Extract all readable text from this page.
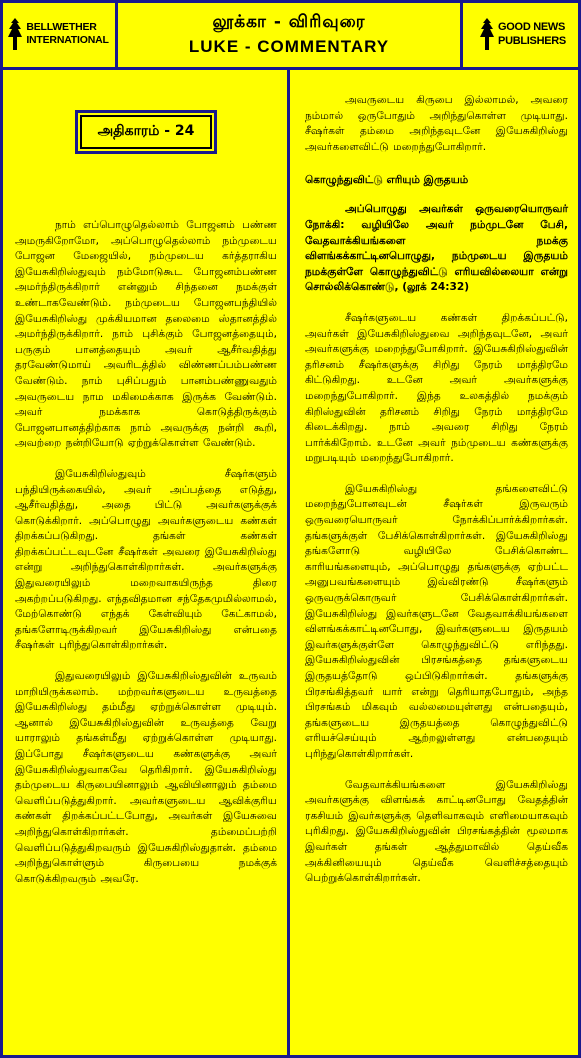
BELLWETHER
INTERNATIONAL
லூக்கா - விரிவுரை
LUKE - COMMENTARY
GOOD NEWS
PUBLISHERS
அதிகாரம் - 24

நாம் எப்பொழுதெல்லாம் போஜனம் பண்ண அமருகிறோமோ, அப்பொழுதெல்லாம் நம்முடைய போஜன மேஜையில், நம்முடைய கர்த்தராகிய இயேசுகிறிஸ்துவும் நம்மோடுகூட போஜனம்பண்ண அமர்ந்திருக்கிறார் என்னும் சிந்தனை நமக்குள் உண்டாகவேண்டும். நம்முடைய போஜனபந்தியில் இயேசுகிறிஸ்து முக்கியமான தலைமை ஸ்தானத்தில் அமர்ந்திருக்கிறார். நாம் புசிக்கும் போஜனத்தையும், பருகும் பானத்தையும் அவர் ஆசீர்வதித்து தரவேண்டுமாய் அவரிடத்தில் விண்ணப்பம்பண்ண வேண்டும். நாம் புசிப்பதும் பானம்பண்ணுவதும் அவருடைய நாம மகிமைக்காக இருக்க வேண்டும். அவர் நமக்காக கொடுத்திருக்கும் போஜனபானத்திற்காக நாம் அவருக்கு நன்றி கூறி, அவற்றை நன்றியோடு ஏற்றுக்கொள்ள வேண்டும்.

இயேசுகிறிஸ்துவும் சீஷர்களும் பந்தியிருக்கையில், அவர் அப்பத்தை எடுத்து, ஆசீர்வதித்து, அதை பிட்டு அவர்களுக்குக் கொடுக்கிறார். அப்பொழுது அவர்களுடைய கண்கள் திறக்கப்படுகிறது. தங்கள் கண்கள் திறக்கப்பட்டவுடனே சீஷர்கள் அவரை இயேசுகிறிஸ்து என்று அறிந்துகொள்கிறார்கள். அவர்களுக்கு இதுவரையிலும் மறைவாகயிருந்த திரை அகற்றப்படுகிறது. எந்தவிதமான சந்தேகமுமில்லாமல், மேற்கொண்டு எந்தக் கேள்வியும் கேட்காமல், தங்களோடிருக்கிறவர் இயேசுகிறிஸ்து என்பதை சீஷர்கள் புரிந்துகொள்கிறார்கள்.

இதுவரையிலும் இயேசுகிறிஸ்துவின் உருவம் மாறியிருக்கலாம். மற்றவர்களுடைய உருவத்தை இயேசுகிறிஸ்து தம்மீது ஏற்றுக்கொள்ள முடியும். ஆனால் இயேசுகிறிஸ்துவின் உருவத்தை வேறு யாராலும் தங்கள்மீது ஏற்றுக்கொள்ள முடியாது. இப்போது சீஷர்களுடைய கண்களுக்கு அவர் இயேசுகிறிஸ்துவாகவே தெரிகிறார். இயேசுகிறிஸ்து தம்முடைய கிருபையினாலும் ஆவியினாலும் தம்மை வெளிப்படுத்துகிறார். அவர்களுடைய ஆவிக்குரிய கண்கள் திறக்கப்பட்டபோது, அவர்கள் இயேசுவை அறிந்துகொள்கிறார்கள். தம்மைப்பற்றி வெளிப்படுத்துகிறவரும் இயேசுகிறிஸ்துதான். தம்மை அறிந்துகொள்ளும் கிருபையை நமக்குக் கொடுக்கிறவரும் அவரே.

அவருடைய கிருபை இல்லாமல், அவரை நம்மால் ஒருபோதும் அறிந்துகொள்ள முடியாது. சீஷர்கள் தம்மை அறிந்தவுடனே இயேசுகிறிஸ்து அவர்களைவிட்டு மறைந்துபோகிறார்.

கொழுந்துவிட்டு எரியும் இருதயம்

அப்பொழுது அவர்கள் ஒருவரையொருவர் நோக்கி: வழியிலே அவர் நம்முடனே பேசி, வேதவாக்கியங்களை நமக்கு விளங்கக்காட்டினபொழுது, நம்முடைய இருதயம் நமக்குள்ளே கொழுந்துவிட்டு எரியவில்லையா என்று சொல்லிக்கொண்டு, (லூக் 24:32)

சீஷர்களுடைய கண்கள் திறக்கப்பட்டு, அவர்கள் இயேசுகிறிஸ்துவை அறிந்தவுடனே, அவர் அவர்களுக்கு மறைந்துபோகிறார். இயேசுகிறிஸ்துவின் தரிசனம் சீஷர்களுக்கு சிறிது நேரம் மாத்திரமே கிட்டுகிறது. உடனே அவர் அவர்களுக்கு மறைந்துபோகிறார். இந்த உலகத்தில் நமக்கும் கிறிஸ்துவின் தரிசனம் சிறிது நேரம் மாத்திரமே கிடைக்கிறது. நாம் அவரை சிறிது நேரம் பார்க்கிறோம். உடனே அவர் நம்முடைய கண்களுக்கு மறுபடியும் மறைந்துபோகிறார்.

இயேசுகிறிஸ்து தங்களைவிட்டு மறைந்துபோனவுடன் சீஷர்கள் இருவரும் ஒருவரையொருவர் நோக்கிப்பார்க்கிறார்கள். தங்களுக்குள் பேசிக்கொள்கிறார்கள். இயேசுகிறிஸ்து தங்களோடு வழியிலே பேசிக்கொண்ட காரியங்களையும், அப்பொழுது தங்களுக்கு ஏற்பட்ட அனுபவங்களையும் இவ்விரண்டு சீஷர்களும் ஒருவருக்கொருவர் பேசிக்கொள்கிறார்கள். இயேசுகிறிஸ்து இவர்களுடனே வேதவாக்கியங்களை விளங்கக்காட்டினபோது, இவர்களுடைய இருதயம் இவர்களுக்குள்ளே கொழுந்துவிட்டு எரிந்தது. இயேசுகிறிஸ்துவின் பிரசங்கத்தை தங்களுடைய இருதயத்தோடு ஒப்பிடுகிறார்கள். தங்களுக்கு பிரசங்கித்தவர் யார் என்று தெரியாதபோதும், அந்த பிரசங்கம் மிகவும் வல்லமையுள்ளது என்பதையும், தங்களுடைய இருதயத்தை கொழுந்துவிட்டு எரியச்செய்யும் ஆற்றலுள்ளது என்பதையும் புரிந்துகொள்கிறார்கள்.

வேதவாக்கியங்களை இயேசுகிறிஸ்து அவர்களுக்கு விளங்கக் காட்டினபோது வேதத்தின் ரகசியம் இவர்களுக்கு தெளிவாகவும் எளிமையாகவும் புரிகிறது. இயேசுகிறிஸ்துவின் பிரசங்கத்தின் மூலமாக இவர்கள் தங்கள் ஆத்துமாவில் தெய்வீக அக்கினியையும் தெய்வீக வெளிச்சத்தையும் பெற்றுக்கொள்கிறார்கள்.
